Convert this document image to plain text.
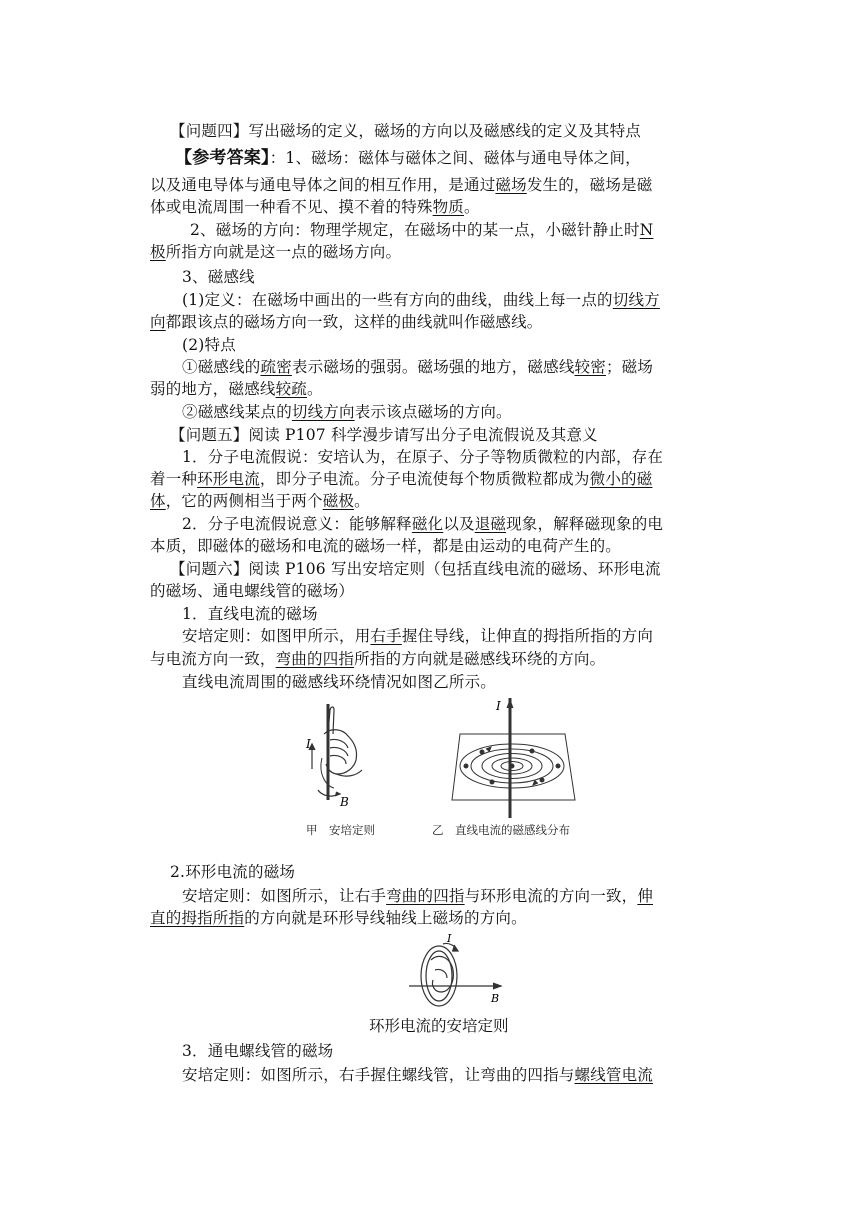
【问题四】写出磁场的定义，磁场的方向以及磁感线的定义及其特点
【参考答案】：1、磁场：磁体与磁体之间、磁体与通电导体之间，
以及通电导体与通电导体之间的相互作用，是通过磁场发生的，磁场是磁
体或电流周围一种看不见、摸不着的特殊物质。
2、磁场的方向：物理学规定，在磁场中的某一点，小磁针静止时N
极所指方向就是这一点的磁场方向。
3、磁感线
(1)定义：在磁场中画出的一些有方向的曲线，曲线上每一点的切线方
向都跟该点的磁场方向一致，这样的曲线就叫作磁感线。
(2)特点
①磁感线的疏密表示磁场的强弱。磁场强的地方，磁感线较密；磁场
弱的地方，磁感线较疏。
②磁感线某点的切线方向表示该点磁场的方向。
【问题五】阅读 P107 科学漫步请写出分子电流假说及其意义
1．分子电流假说：安培认为，在原子、分子等物质微粒的内部，存在
着一种环形电流，即分子电流。分子电流使每个物质微粒都成为微小的磁
体，它的两侧相当于两个磁极。
2．分子电流假说意义：能够解释磁化以及退磁现象，解释磁现象的电
本质，即磁体的磁场和电流的磁场一样，都是由运动的电荷产生的。
【问题六】阅读 P106 写出安培定则（包括直线电流的磁场、环形电流
的磁场、通电螺线管的磁场）
1．直线电流的磁场
安培定则：如图甲所示，用右手握住导线，让伸直的拇指所指的方向
与电流方向一致，弯曲的四指所指的方向就是磁感线环绕的方向。
直线电流周围的磁感线环绕情况如图乙所示。
I
B
I
甲　安培定则	乙　直线电流的磁感线分布
2.环形电流的磁场
安培定则：如图所示，让右手弯曲的四指与环形电流的方向一致，伸
直的拇指所指的方向就是环形导线轴线上磁场的方向。
I
B
环形电流的安培定则
3．通电螺线管的磁场
安培定则：如图所示，右手握住螺线管，让弯曲的四指与螺线管电流
